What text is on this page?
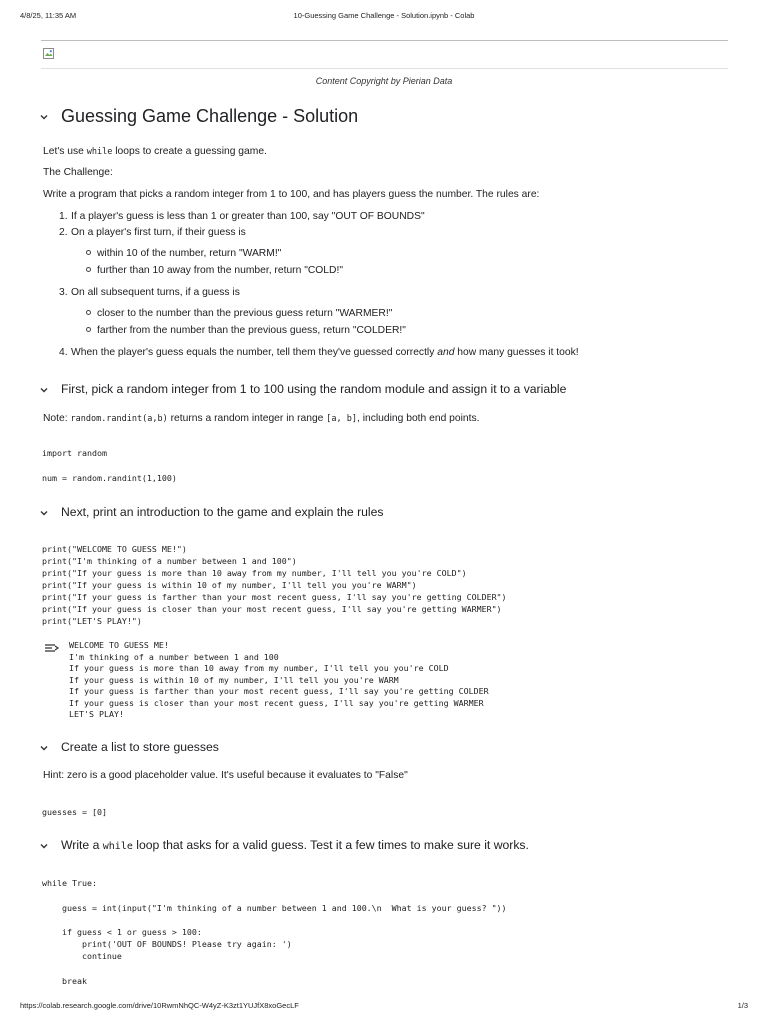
4/8/25, 11:35 AM	10-Guessing Game Challenge - Solution.ipynb - Colab
Content Copyright by Pierian Data
Guessing Game Challenge - Solution
Let's use while loops to create a guessing game.
The Challenge:
Write a program that picks a random integer from 1 to 100, and has players guess the number. The rules are:
1. If a player's guess is less than 1 or greater than 100, say "OUT OF BOUNDS"
2. On a player's first turn, if their guess is
within 10 of the number, return "WARM!"
further than 10 away from the number, return "COLD!"
3. On all subsequent turns, if a guess is
closer to the number than the previous guess return "WARMER!"
farther from the number than the previous guess, return "COLDER!"
4. When the player's guess equals the number, tell them they've guessed correctly and how many guesses it took!
First, pick a random integer from 1 to 100 using the random module and assign it to a variable
Note: random.randint(a,b) returns a random integer in range [a, b], including both end points.
import random
num = random.randint(1,100)
Next, print an introduction to the game and explain the rules
print("WELCOME TO GUESS ME!")
print("I'm thinking of a number between 1 and 100")
print("If your guess is more than 10 away from my number, I'll tell you you're COLD")
print("If your guess is within 10 of my number, I'll tell you you're WARM")
print("If your guess is farther than your most recent guess, I'll say you're getting COLDER")
print("If your guess is closer than your most recent guess, I'll say you're getting WARMER")
print("LET'S PLAY!")
WELCOME TO GUESS ME!
I'm thinking of a number between 1 and 100
If your guess is more than 10 away from my number, I'll tell you you're COLD
If your guess is within 10 of my number, I'll tell you you're WARM
If your guess is farther than your most recent guess, I'll say you're getting COLDER
If your guess is closer than your most recent guess, I'll say you're getting WARMER
LET'S PLAY!
Create a list to store guesses
Hint: zero is a good placeholder value. It's useful because it evaluates to "False"
guesses = [0]
Write a while loop that asks for a valid guess. Test it a few times to make sure it works.
while True:
guess = int(input("I'm thinking of a number between 1 and 100.\n  What is your guess? "))
if guess < 1 or guess > 100:
print('OUT OF BOUNDS! Please try again: ')
continue
break
https://colab.research.google.com/drive/10RwmNhQC-W4yZ-K3zt1YUJfX8xoGecLF	1/3
